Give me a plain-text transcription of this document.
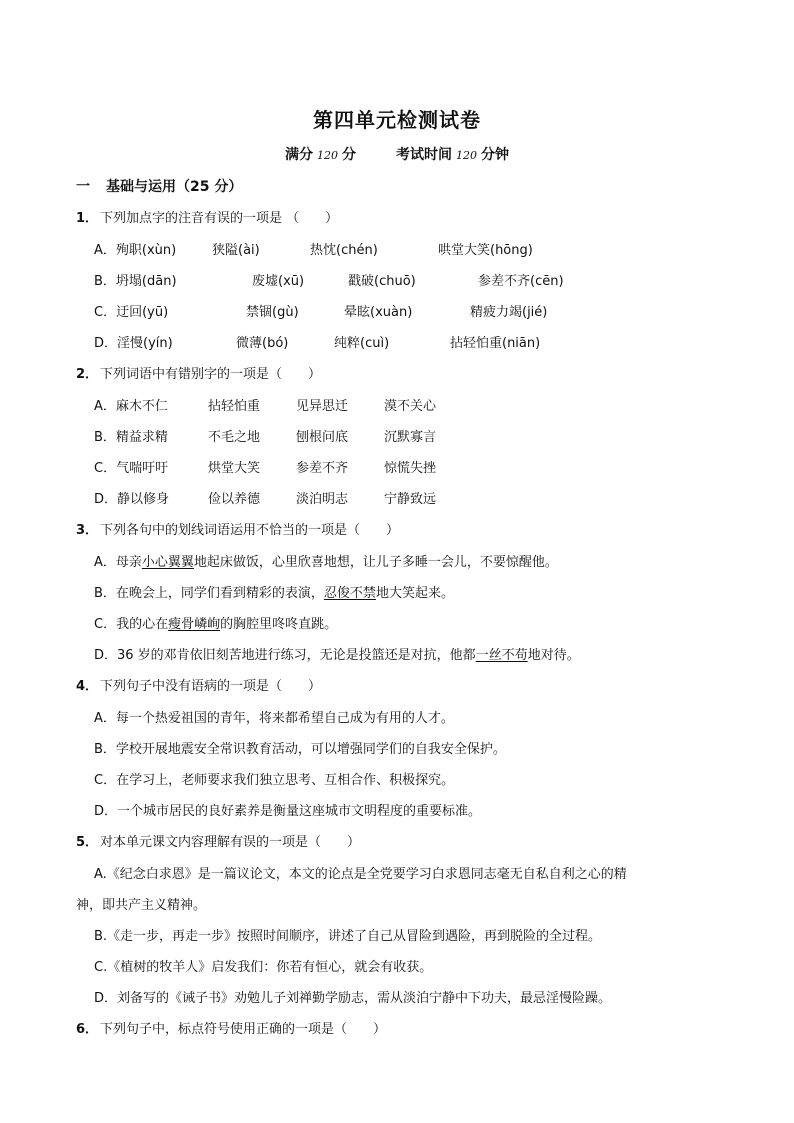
第四单元检测试卷
满分 120 分	考试时间 120 分钟
一 基础与运用（25 分）
1． 下列加点字的注音有误的一项是 （　　）
A．殉职(xùn)	狭隘(ài)	热忱(chén)	哄堂大笑(hōng)
B．坍塌(dān)	废墟(xū)	戳破(chuō)	参差不齐(cēn)
C．迂回(yū)	禁锢(gù)	晕眩(xuàn)	精疲力竭(jié)
D．淫慢(yín)	微薄(bó)	纯粹(cuì)	拈轻怕重(niān)
2． 下列词语中有错别字的一项是（　　）
A．麻木不仁	拈轻怕重	见异思迁	漠不关心
B．精益求精	不毛之地	刨根问底	沉默寡言
C．气喘吁吁	烘堂大笑	参差不齐	惊慌失挫
D．静以修身	俭以养德	淡泊明志	宁静致远
3． 下列各句中的划线词语运用不恰当的一项是（　　）
A．母亲小心翼翼地起床做饭，心里欣喜地想，让儿子多睡一会儿，不要惊醒他。
B．在晚会上，同学们看到精彩的表演，忍俊不禁地大笑起来。
C．我的心在瘦骨嶙峋的胸腔里咚咚直跳。
D．36 岁的邓肯依旧刻苦地进行练习，无论是投篮还是对抗，他都一丝不苟地对待。
4． 下列句子中没有语病的一项是（　　）
A．每一个热爱祖国的青年，将来都希望自己成为有用的人才。
B．学校开展地震安全常识教育活动，可以增强同学们的自我安全保护。
C．在学习上，老师要求我们独立思考、互相合作、积极探究。
D．一个城市居民的良好素养是衡量这座城市文明程度的重要标准。
5． 对本单元课文内容理解有误的一项是（　　）
A.《纪念白求恩》是一篇议论文，本文的论点是全党要学习白求恩同志毫无自私自利之心的精
神，即共产主义精神。
B.《走一步，再走一步》按照时间顺序，讲述了自己从冒险到遇险，再到脱险的全过程。
C.《植树的牧羊人》启发我们：你若有恒心，就会有收获。
D．刘备写的《诫子书》劝勉儿子刘禅勤学励志，需从淡泊宁静中下功夫，最忌淫慢险躁。
6． 下列句子中，标点符号使用正确的一项是（　　）
